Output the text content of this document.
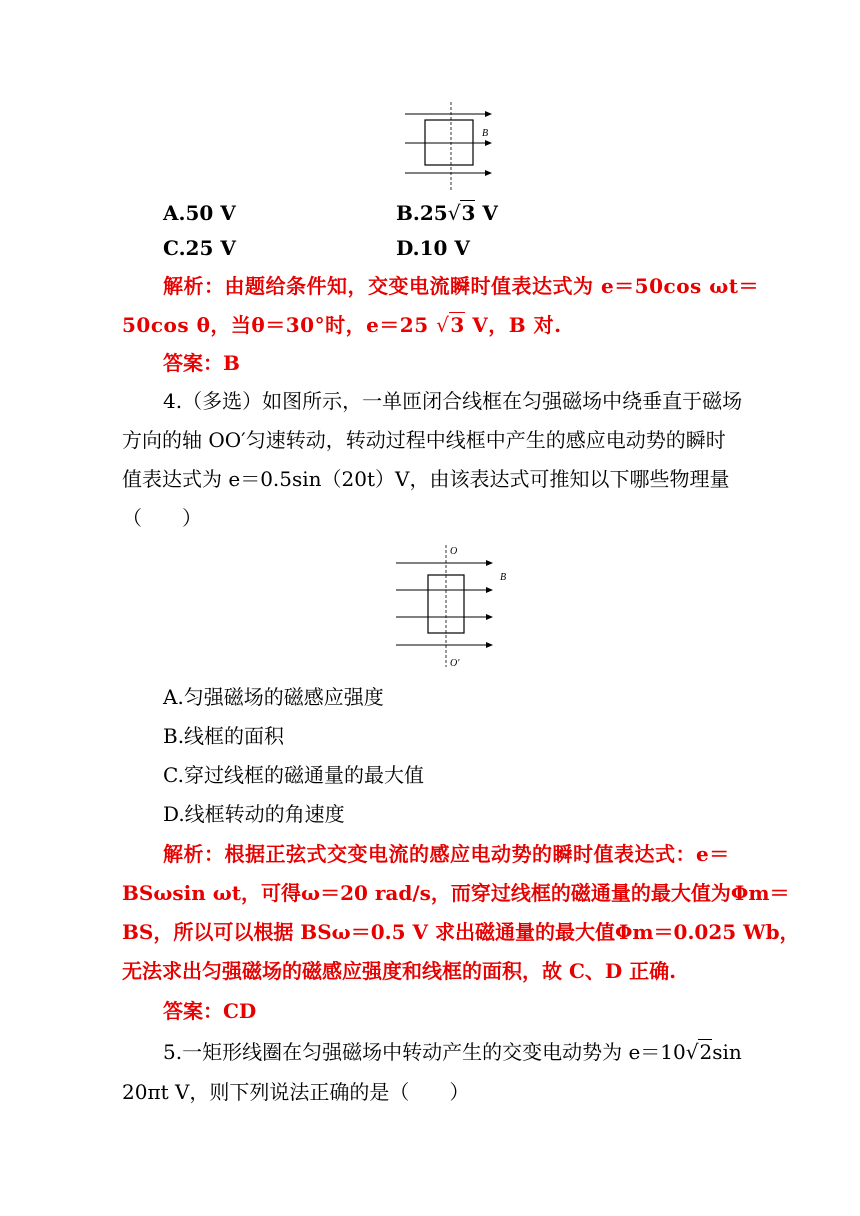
B
A.50 V	B.25√3 V
C.25 V	D.10 V
解析：由题给条件知，交变电流瞬时值表达式为 e＝50cos ωt＝
50cos θ，当θ＝30°时，e＝25 √3 V，B 对.
答案：B
4.（多选）如图所示，一单匝闭合线框在匀强磁场中绕垂直于磁场
方向的轴 OO′匀速转动，转动过程中线框中产生的感应电动势的瞬时
值表达式为 e＝0.5sin（20t）V，由该表达式可推知以下哪些物理量
（　　）
O
B
O′
A.匀强磁场的磁感应强度
B.线框的面积
C.穿过线框的磁通量的最大值
D.线框转动的角速度
解析：根据正弦式交变电流的感应电动势的瞬时值表达式：e＝
BSωsin ωt，可得ω＝20 rad/s，而穿过线框的磁通量的最大值为Φm＝
BS，所以可以根据 BSω＝0.5 V 求出磁通量的最大值Φm＝0.025 Wb，
无法求出匀强磁场的磁感应强度和线框的面积，故 C、D 正确.
答案：CD
5.一矩形线圈在匀强磁场中转动产生的交变电动势为 e＝10√2sin
20πt V，则下列说法正确的是（　　）
